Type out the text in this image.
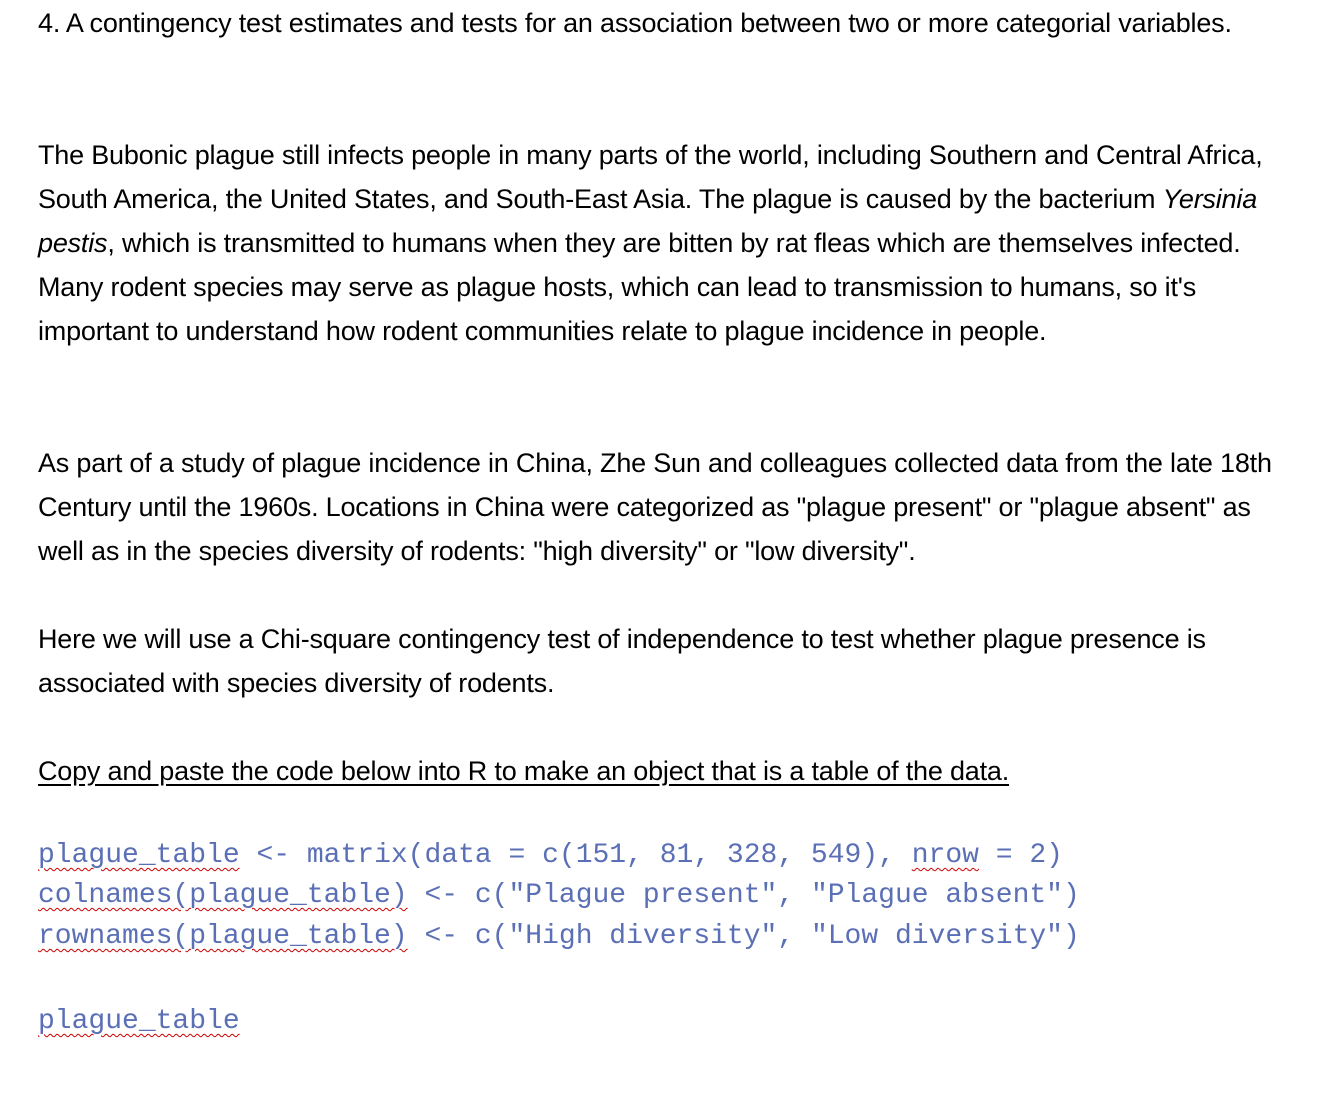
4. A contingency test estimates and tests for an association between two or more categorial variables.

The Bubonic plague still infects people in many parts of the world, including Southern and Central Africa, South America, the United States, and South-East Asia. The plague is caused by the bacterium Yersinia pestis, which is transmitted to humans when they are bitten by rat fleas which are themselves infected. Many rodent species may serve as plague hosts, which can lead to transmission to humans, so it's important to understand how rodent communities relate to plague incidence in people.

As part of a study of plague incidence in China, Zhe Sun and colleagues collected data from the late 18th Century until the 1960s. Locations in China were categorized as "plague present" or "plague absent" as well as in the species diversity of rodents: "high diversity" or "low diversity".

Here we will use a Chi-square contingency test of independence to test whether plague presence is associated with species diversity of rodents.

Copy and paste the code below into R to make an object that is a table of the data.

plague_table <- matrix(data = c(151, 81, 328, 549), nrow = 2)
colnames(plague_table) <- c("Plague present", "Plague absent")
rownames(plague_table) <- c("High diversity", "Low diversity")
plague_table
